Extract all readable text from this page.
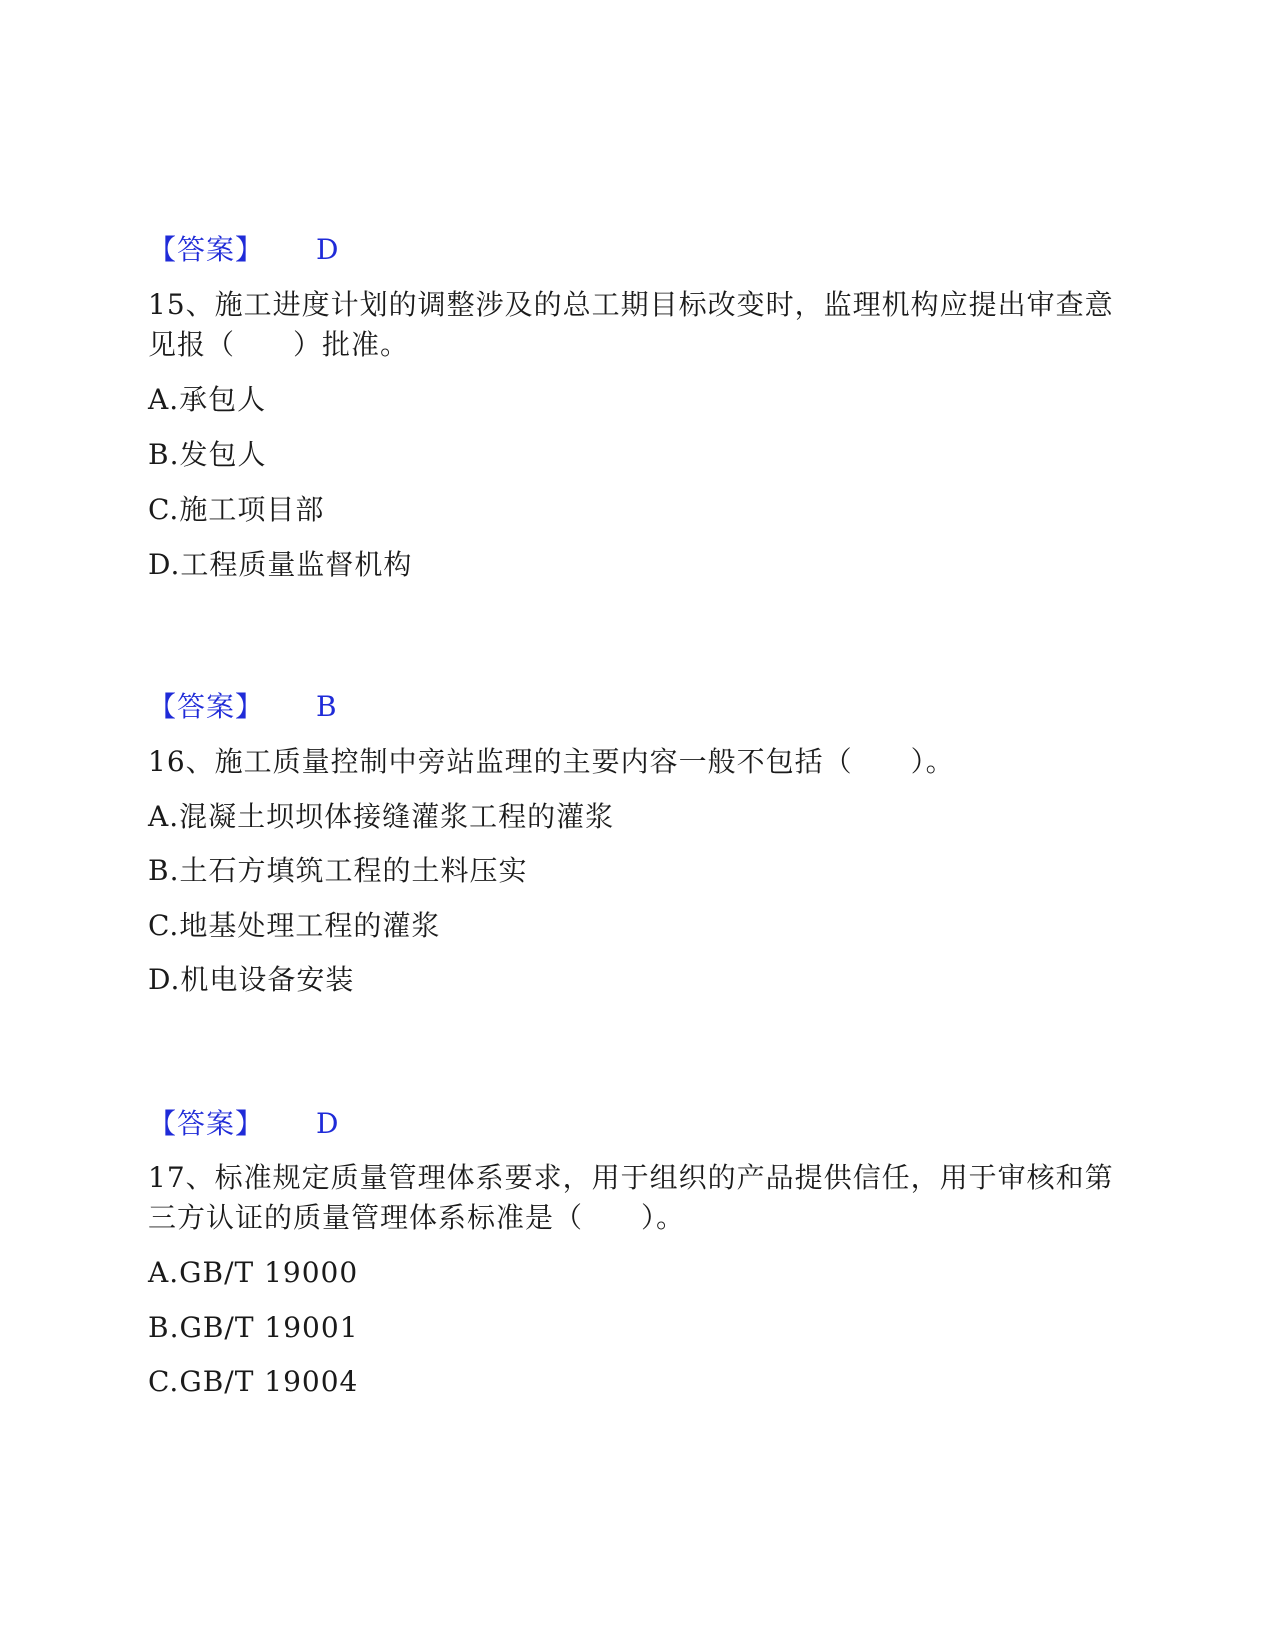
【答案】 D
15、施工进度计划的调整涉及的总工期目标改变时，监理机构应提出审查意
见报（　　）批准。
A.承包人
B.发包人
C.施工项目部
D.工程质量监督机构
【答案】 B
16、施工质量控制中旁站监理的主要内容一般不包括（　　）。
A.混凝土坝坝体接缝灌浆工程的灌浆
B.土石方填筑工程的土料压实
C.地基处理工程的灌浆
D.机电设备安装
【答案】 D
17、标准规定质量管理体系要求，用于组织的产品提供信任，用于审核和第
三方认证的质量管理体系标准是（　　）。
A.GB/T 19000
B.GB/T 19001
C.GB/T 19004
